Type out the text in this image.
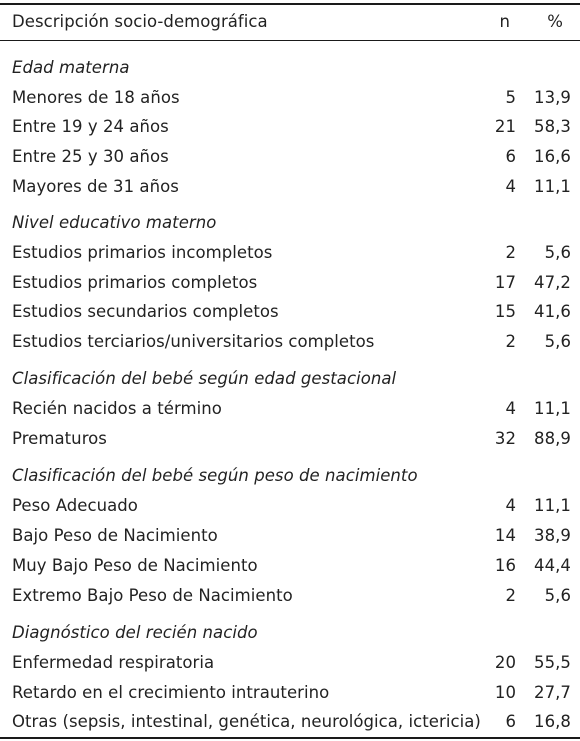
Descripción socio-demográfica	n %
Edad materna
Menores de 18 años	5 13,9
Entre 19 y 24 años	21 58,3
Entre 25 y 30 años	6 16,6
Mayores de 31 años	4 11,1
Nivel educativo materno
Estudios primarios incompletos	2 5,6
Estudios primarios completos	17 47,2
Estudios secundarios completos	15 41,6
Estudios terciarios/universitarios completos	2 5,6
Clasificación del bebé según edad gestacional
Recién nacidos a término	4 11,1
Prematuros	32 88,9
Clasificación del bebé según peso de nacimiento
Peso Adecuado	4 11,1
Bajo Peso de Nacimiento	14 38,9
Muy Bajo Peso de Nacimiento	16 44,4
Extremo Bajo Peso de Nacimiento	2 5,6
Diagnóstico del recién nacido
Enfermedad respiratoria	20 55,5
Retardo en el crecimiento intrauterino	10 27,7
Otras (sepsis, intestinal, genética, neurológica, ictericia) 6 16,8
